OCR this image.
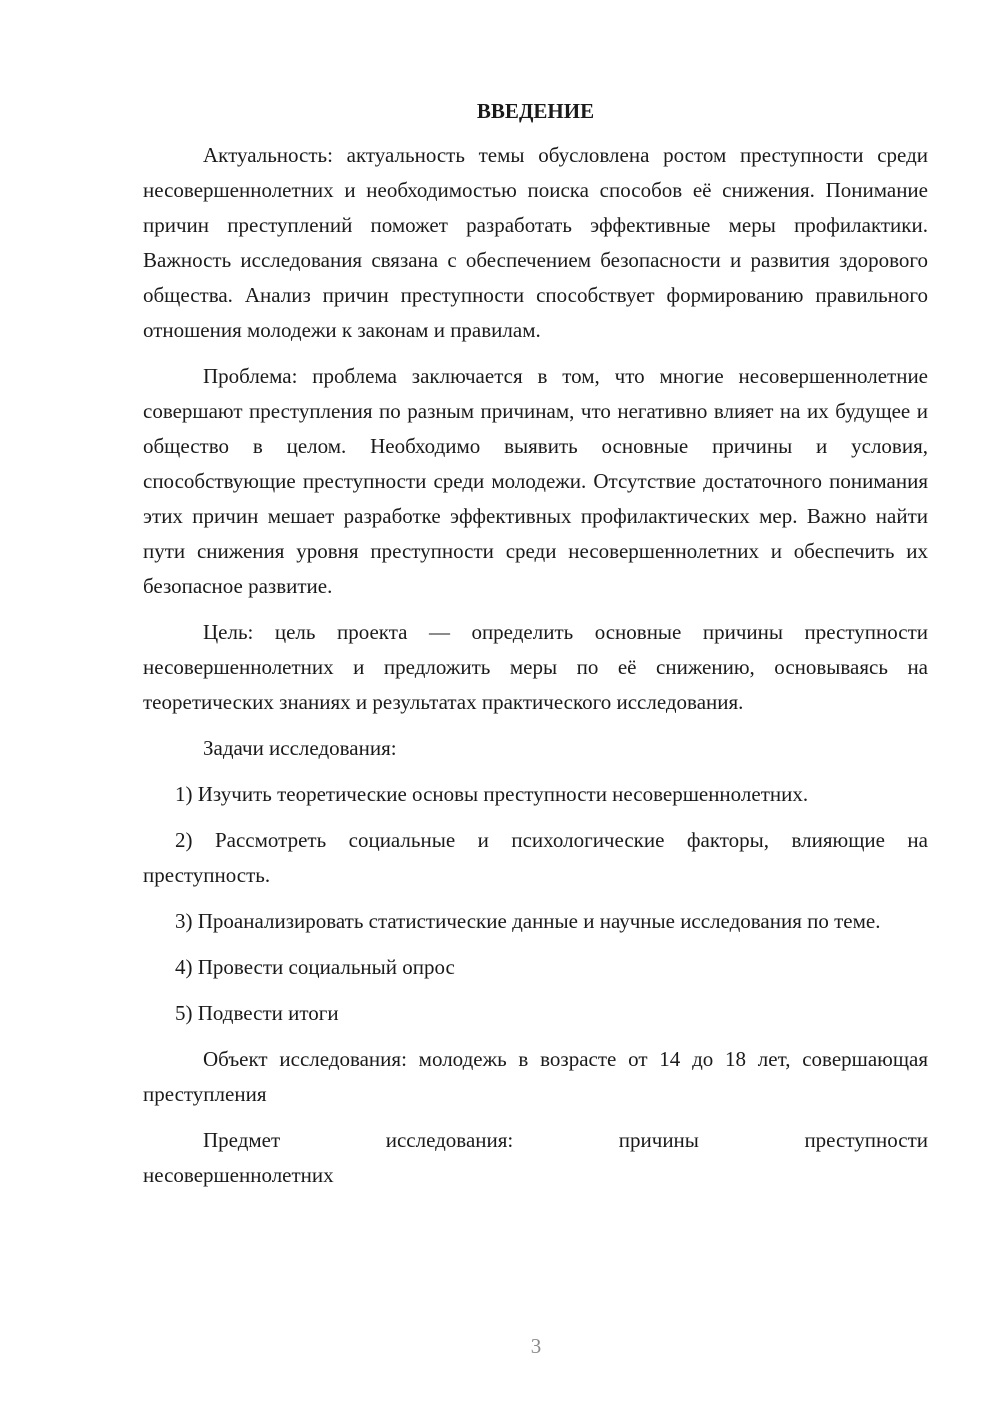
ВВЕДЕНИЕ

Актуальность: актуальность темы обусловлена ростом преступности среди несовершеннолетних и необходимостью поиска способов её снижения. Понимание причин преступлений поможет разработать эффективные меры профилактики. Важность исследования связана с обеспечением безопасности и развития здорового общества. Анализ причин преступности способствует формированию правильного отношения молодежи к законам и правилам.

Проблема: проблема заключается в том, что многие несовершеннолетние совершают преступления по разным причинам, что негативно влияет на их будущее и общество в целом. Необходимо выявить основные причины и условия, способствующие преступности среди молодежи. Отсутствие достаточного понимания этих причин мешает разработке эффективных профилактических мер. Важно найти пути снижения уровня преступности среди несовершеннолетних и обеспечить их безопасное развитие.

Цель: цель проекта — определить основные причины преступности несовершеннолетних и предложить меры по её снижению, основываясь на теоретических знаниях и результатах практического исследования.

Задачи исследования:

1) Изучить теоретические основы преступности несовершеннолетних.

2) Рассмотреть социальные и психологические факторы, влияющие на преступность.

3) Проанализировать статистические данные и научные исследования по теме.

4) Провести социальный опрос

5) Подвести итоги

Объект исследования: молодежь в возрасте от 14 до 18 лет, совершающая преступления

Предмет исследования: причины преступности

несовершеннолетних

3
